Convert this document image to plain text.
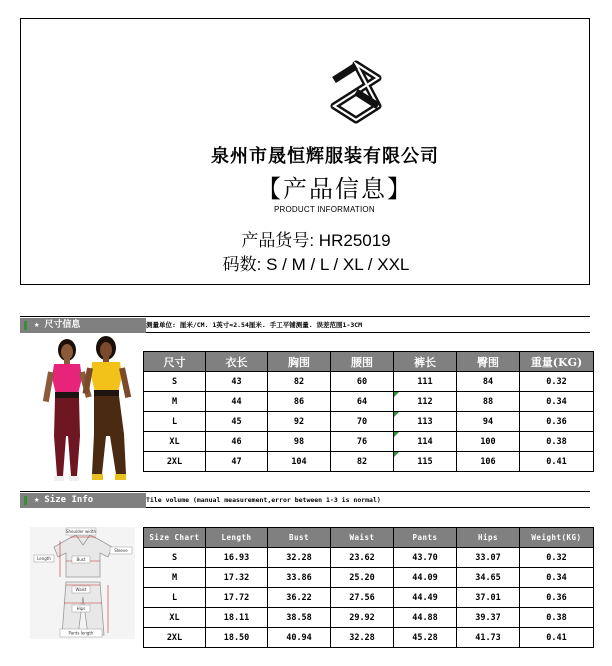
泉州市晟恒辉服装有限公司
【产品信息】
PRODUCT INFORMATION
产品货号: HR25019
码数: S / M / L / XL / XXL
★ 尺寸信息	测量单位: 厘米/CM. 1英寸=2.54厘米. 手工平铺测量. 误差范围1-3CM
尺寸	衣长	胸围	腰围	裤长	臀围	重量(KG)
S	43	82	60	111	84	0.32
M	44	86	64	112	88	0.34
L	45	92	70	113	94	0.36
XL	46	98	76	114	100	0.38
2XL	47	104	82	115	106	0.41
★ Size Info	Tile volume (manual measurement,error between 1-3 is normal)
Shoulder width
Bust
Length
Waist
Sleeve
Hips
Pants length
Size Chart	Length	Bust	Waist	Pants	Hips	Weight(KG)
S	16.93	32.28	23.62	43.70	33.07	0.32
M	17.32	33.86	25.20	44.09	34.65	0.34
L	17.72	36.22	27.56	44.49	37.01	0.36
XL	18.11	38.58	29.92	44.88	39.37	0.38
2XL	18.50	40.94	32.28	45.28	41.73	0.41
